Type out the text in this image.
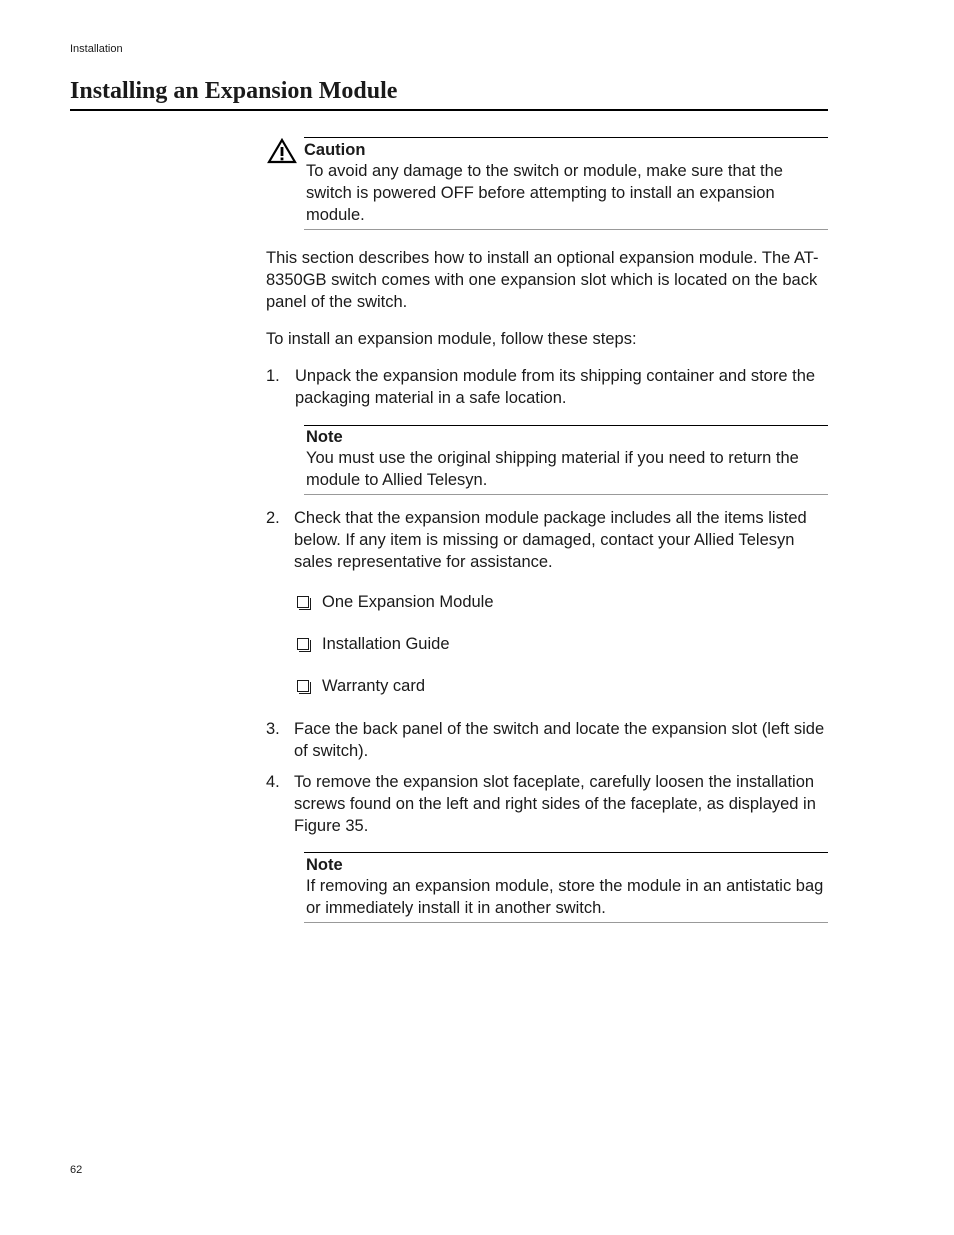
Installation
Installing an Expansion Module
Caution
To avoid any damage to the switch or module, make sure that the switch is powered OFF before attempting to install an expansion module.

This section describes how to install an optional expansion module. The AT-8350GB switch comes with one expansion slot which is located on the back panel of the switch.

To install an expansion module, follow these steps:

1. Unpack the expansion module from its shipping container and store the packaging material in a safe location.
Note
You must use the original shipping material if you need to return the module to Allied Telesyn.
2. Check that the expansion module package includes all the items listed below. If any item is missing or damaged, contact your Allied Telesyn sales representative for assistance.
One Expansion Module
Installation Guide
Warranty card
3. Face the back panel of the switch and locate the expansion slot (left side of switch).
4. To remove the expansion slot faceplate, carefully loosen the installation screws found on the left and right sides of the faceplate, as displayed in Figure 35.
Note
If removing an expansion module, store the module in an antistatic bag or immediately install it in another switch.
62
